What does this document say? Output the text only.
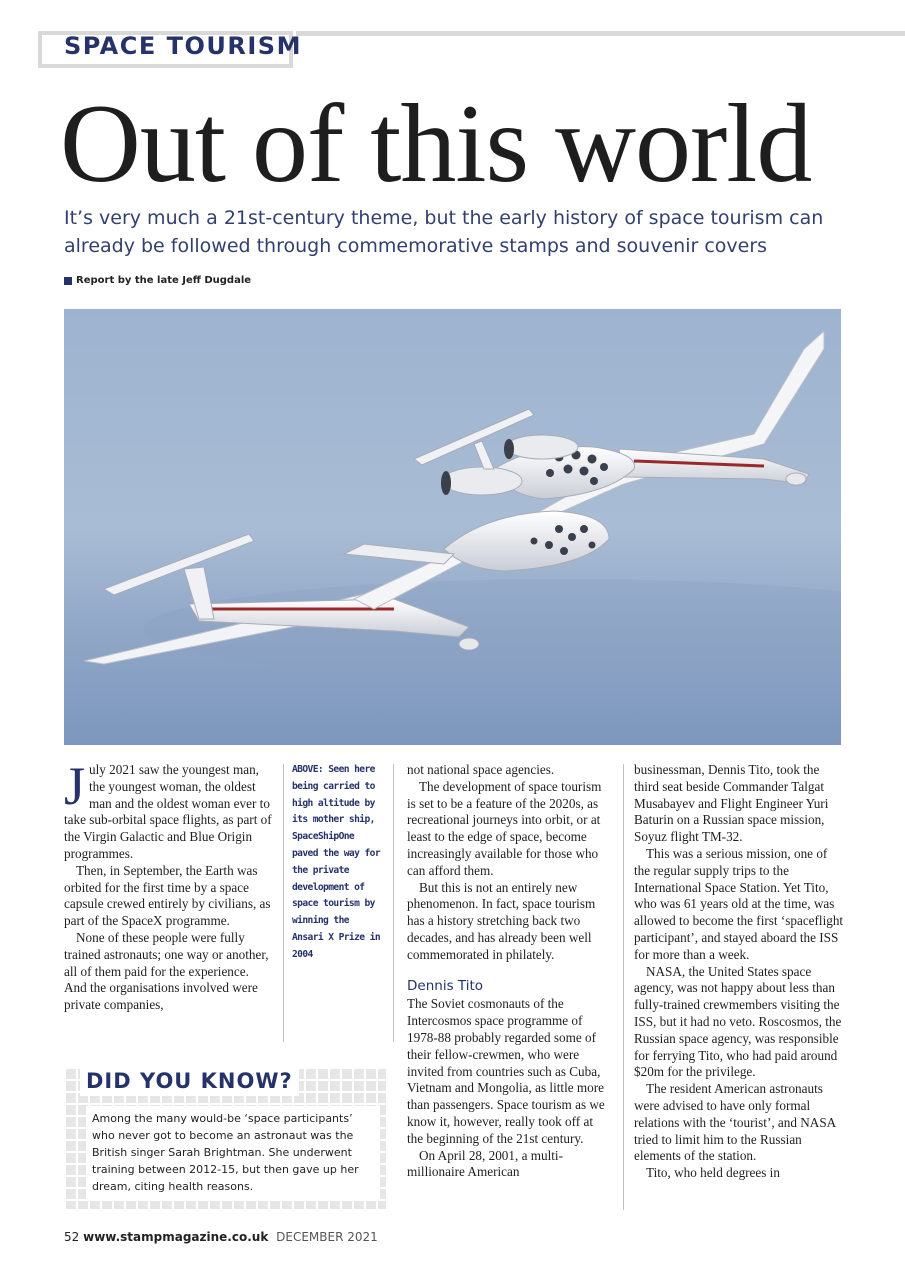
SPACE TOURISM
Out of this world
It’s very much a 21st-century theme, but the early history of space tourism can already be followed through commemorative stamps and souvenir covers
Report by the late Jeff Dugdale
J uly 2021 saw the youngest man, the youngest woman, the oldest man and the oldest woman ever to take sub-orbital space flights, as part of the Virgin Galactic and Blue Origin programmes.

Then, in September, the Earth was orbited for the first time by a space capsule crewed entirely by civilians, as part of the SpaceX programme.

None of these people were fully trained astronauts; one way or another, all of them paid for the experience. And the organisations involved were private companies,

ABOVE: Seen here being carried to high altitude by its mother ship, SpaceShipOne paved the way for the private development of space tourism by winning the Ansari X Prize in 2004

not national space agencies.

The development of space tourism is set to be a feature of the 2020s, as recreational journeys into orbit, or at least to the edge of space, become increasingly available for those who can afford them.

But this is not an entirely new phenomenon. In fact, space tourism has a history stretching back two decades, and has already been well commemorated in philately.

Dennis Tito

The Soviet cosmonauts of the Intercosmos space programme of 1978-88 probably regarded some of their fellow-crewmen, who were invited from countries such as Cuba, Vietnam and Mongolia, as little more than passengers. Space tourism as we know it, however, really took off at the beginning of the 21st century.

On April 28, 2001, a multi-millionaire American

businessman, Dennis Tito, took the third seat beside Commander Talgat Musabayev and Flight Engineer Yuri Baturin on a Russian space mission, Soyuz flight TM-32.

This was a serious mission, one of the regular supply trips to the International Space Station. Yet Tito, who was 61 years old at the time, was allowed to become the first ‘spaceflight participant’, and stayed aboard the ISS for more than a week.

NASA, the United States space agency, was not happy about less than fully-trained crewmembers visiting the ISS, but it had no veto. Roscosmos, the Russian space agency, was responsible for ferrying Tito, who had paid around $20m for the privilege.

The resident American astronauts were advised to have only formal relations with the ‘tourist’, and NASA tried to limit him to the Russian elements of the station.

Tito, who held degrees in

DID YOU KNOW?
Among the many would-be ‘space participants’ who never got to become an astronaut was the British singer Sarah Brightman. She underwent training between 2012-15, but then gave up her dream, citing health reasons.
52 www.stampmagazine.co.uk DECEMBER 2021
